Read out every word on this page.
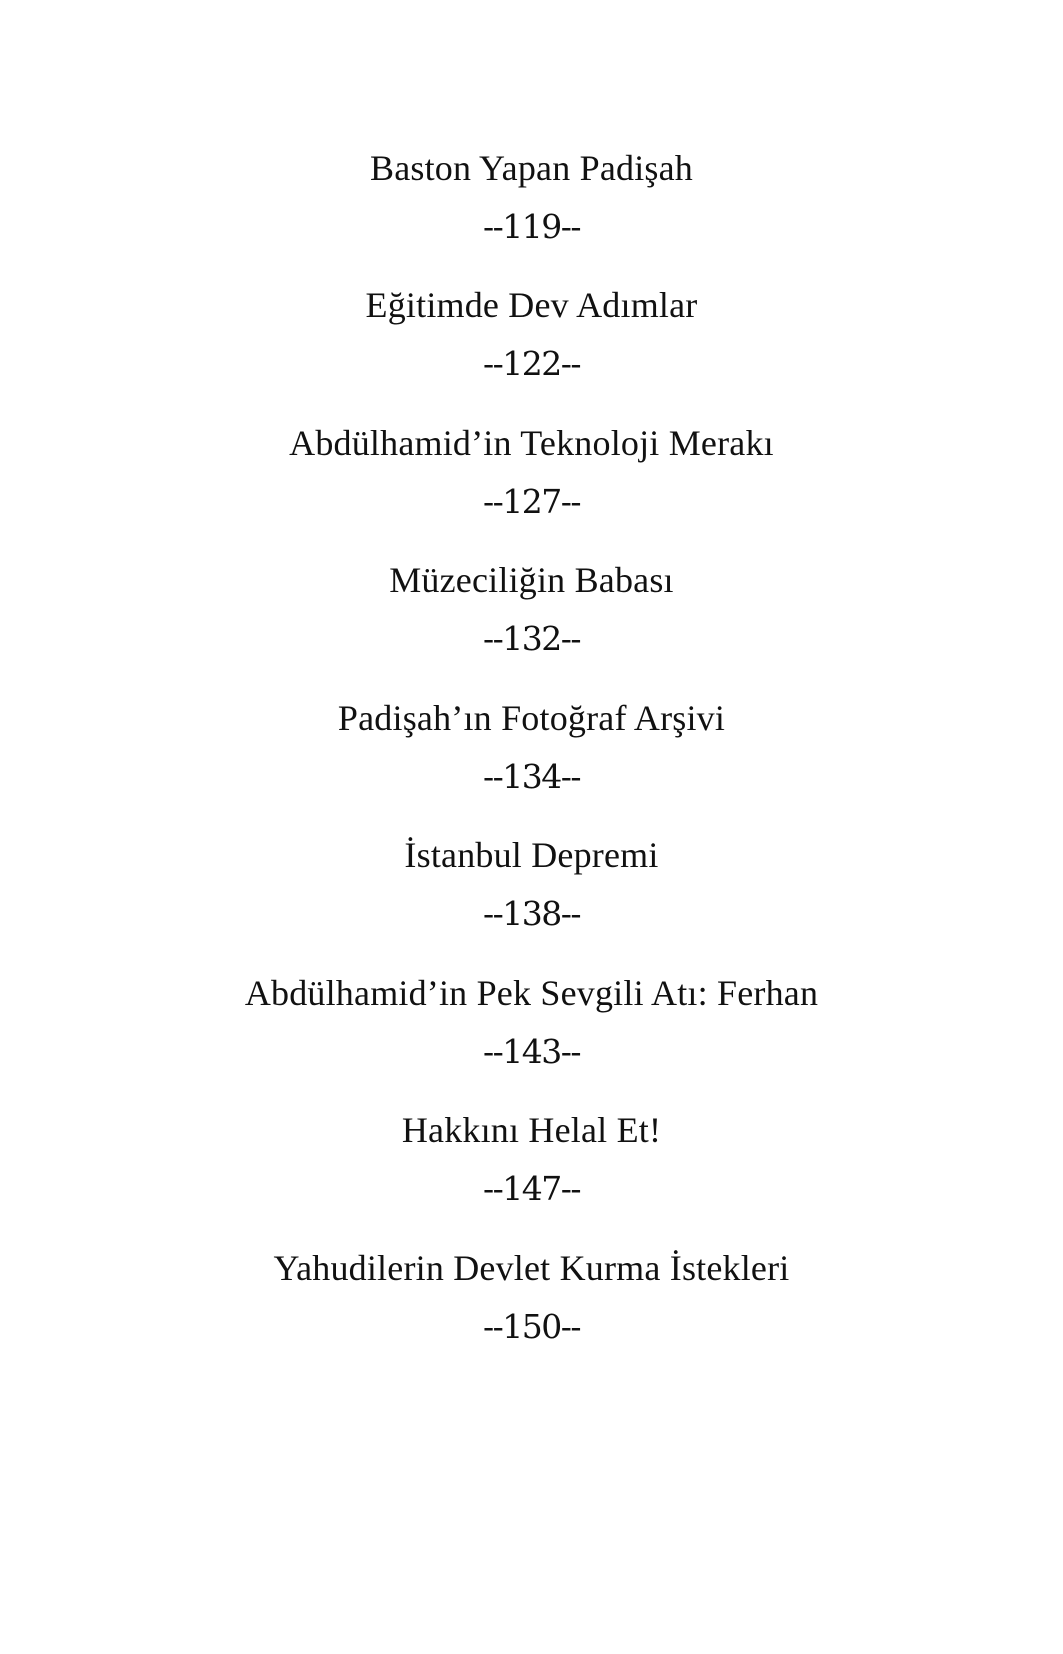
Baston Yapan Padişah
--119--
Eğitimde Dev Adımlar
--122--
Abdülhamid’in Teknoloji Merakı
--127--
Müzeciliğin Babası
--132--
Padişah’ın Fotoğraf Arşivi
--134--
İstanbul Depremi
--138--
Abdülhamid’in Pek Sevgili Atı: Ferhan
--143--
Hakkını Helal Et!
--147--
Yahudilerin Devlet Kurma İstekleri
--150--
